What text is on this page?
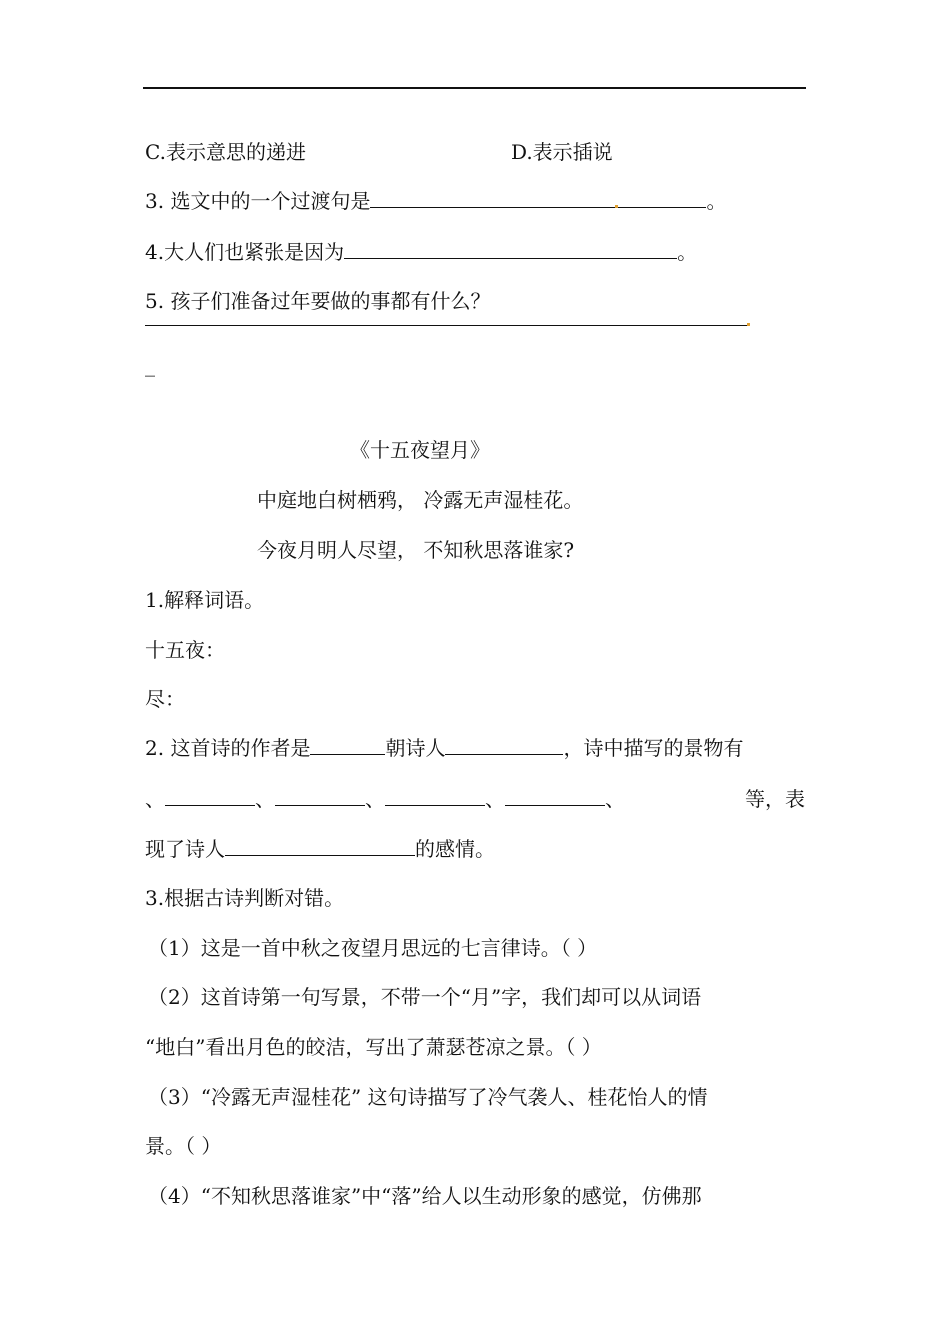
C.表示意思的递进	D.表示插说
3. 选文中的一个过渡句是	。
4.大人们也紧张是因为	。
5. 孩子们准备过年要做的事都有什么？
_
《十五夜望月》
中庭地白树栖鸦， 冷露无声湿桂花。
今夜月明人尽望， 不知秋思落谁家?
1.解释词语。
十五夜：
尽：
2. 这首诗的作者是	朝诗人	，诗中描写的景物有
、	、	、	、	、	等，表
现了诗人	的感情。
3.根据古诗判断对错。
（1）这是一首中秋之夜望月思远的七言律诗。（ ）
（2）这首诗第一句写景，不带一个“月”字，我们却可以从词语
“地白”看出月色的皎洁，写出了萧瑟苍凉之景。（ ）
（3）“冷露无声湿桂花” 这句诗描写了冷气袭人、桂花怡人的情
景。（ ）
（4）“不知秋思落谁家”中“落”给人以生动形象的感觉，仿佛那
